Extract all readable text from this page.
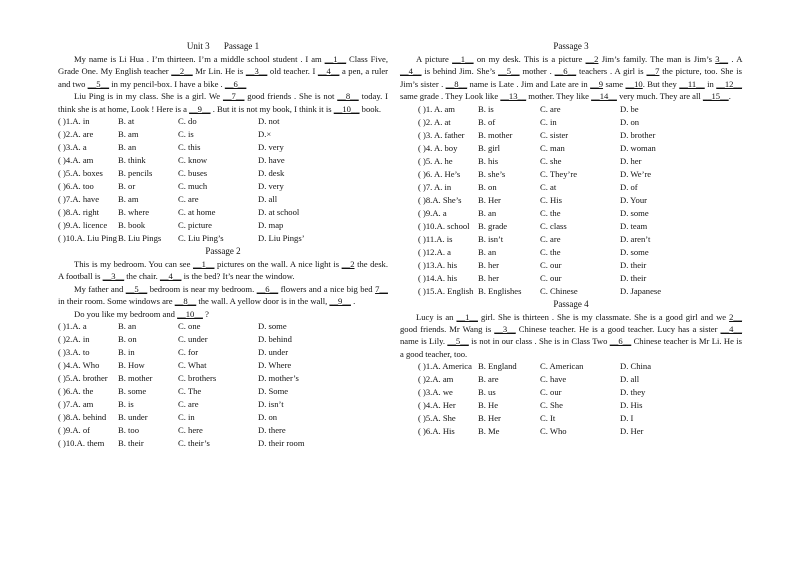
Unit 3 Passage 1

My name is Li Hua . I’m thirteen. I’m a middle school student . I am __1__ Class Five, Grade One. My English teacher __2__ Mr Lin. He is __3__ old teacher. I __4__ a pen, a ruler and two __5__ in my pencil-box. I have a bike . __6__

Liu Ping is in my class. She is a girl. We __7__ good friends . She is not __8__ today. I think she is at home, Look ! Here is a __9__ . But it is not my book, I think it is __10__ book.

( )1.A. in	B. at	C. do	D. not
( )2.A. are	B. am	C. is	D.×
( )3.A. a	B. an	C. this	D. very
( )4.A. am	B. think	C. know	D. have
( )5.A. boxes B. pencils	C. buses	D. desk
( )6.A. too	B. or	C. much	D. very
( )7.A. have B. am	C. are	D. all
( )8.A. right B. where	C. at home	D. at school
( )9.A. licence B. book	C. picture	D. map
( )10.A. Liu Ping B. Liu Pings C. Liu Ping’s	D. Liu Pings’
Passage 2

This is my bedroom. You can see __1__ pictures on the wall. A nice light is __2 the desk. A football is __3__ the chair. __4__ is the bed? It’s near the window.

My father and __5__ bedroom is near my bedroom. __6__ flowers and a nice big bed 7__ in their room. Some windows are __8__ the wall. A yellow door is in the wall, __9__ .

Do you like my bedroom and __10__ ?

( )1.A. a	B. an	C. one	D. some
( )2.A. in	B. on	C. under	D. behind
( )3.A. to	B. in	C. for	D. under
( )4.A. Who B. How	C. What	D. Where
( )5.A. brother B. mother	C. brothers	D. mother’s
( )6.A. the	B. some	C. The	D. Some
( )7.A. am	B. is	C. are	D. isn’t
( )8.A. behind B. under	C. in	D. on
( )9.A. of	B. too	C. here	D. there
( )10.A. them B. their	C. their’s	D. their room
Passage 3

A picture __1__ on my desk. This is a picture __2 Jim’s family. The man is Jim’s 3__ . A __4__ is behind Jim. She’s __5__ mother . __6__ teachers . A girl is __7 the picture, too. She is Jim’s sister . __8__ name is Late . Jim and Late are in __9 same __10. But they __11__ in __12__ same grade . They Look like __13__ mother. They like __14__ very much. They are all __15__.

( )1. A. am	B. is	C. are	D. be
( )2. A. at	B. of	C. in	D. on
( )3. A. father B. mother	C. sister	D. brother
( )4. A. boy B. girl	C. man	D. woman
( )5. A. he	B. his	C. she	D. her
( )6. A. He’s B. she’s	C. They’re	D. We’re
( )7. A. in	B. on	C. at	D. of
( )8.A. She’s B. Her	C. His	D. Your
( )9.A. a	B. an	C. the	D. some
( )10.A. school B. grade	C. class	D. team
( )11.A. is	B. isn’t	C. are	D. aren’t
( )12.A. a	B. an	C. the	D. some
( )13.A. his B. her	C. our	D. their
( )14.A. his B. her	C. our	D. their
( )15.A. English B. Englishes C. Chinese	D. Japanese
Passage 4

Lucy is an __1__ girl. She is thirteen . She is my classmate. She is a good girl and we 2__ good friends. Mr Wang is __3__ Chinese teacher. He is a good teacher. Lucy has a sister __4__ name is Lily. __5__ is not in our class . She is in Class Two __6__ Chinese teacher is Mr Li. He is a good teacher, too.

( )1.A. America B. England	C. American	D. China
( )2.A. am	B. are	C. have	D. all
( )3.A. we	B. us	C. our	D. they
( )4.A. Her	B. He	C. She	D. His
( )5.A. She	B. Her	C. It	D. I
( )6.A. His	B. Me	C. Who	D. Her
